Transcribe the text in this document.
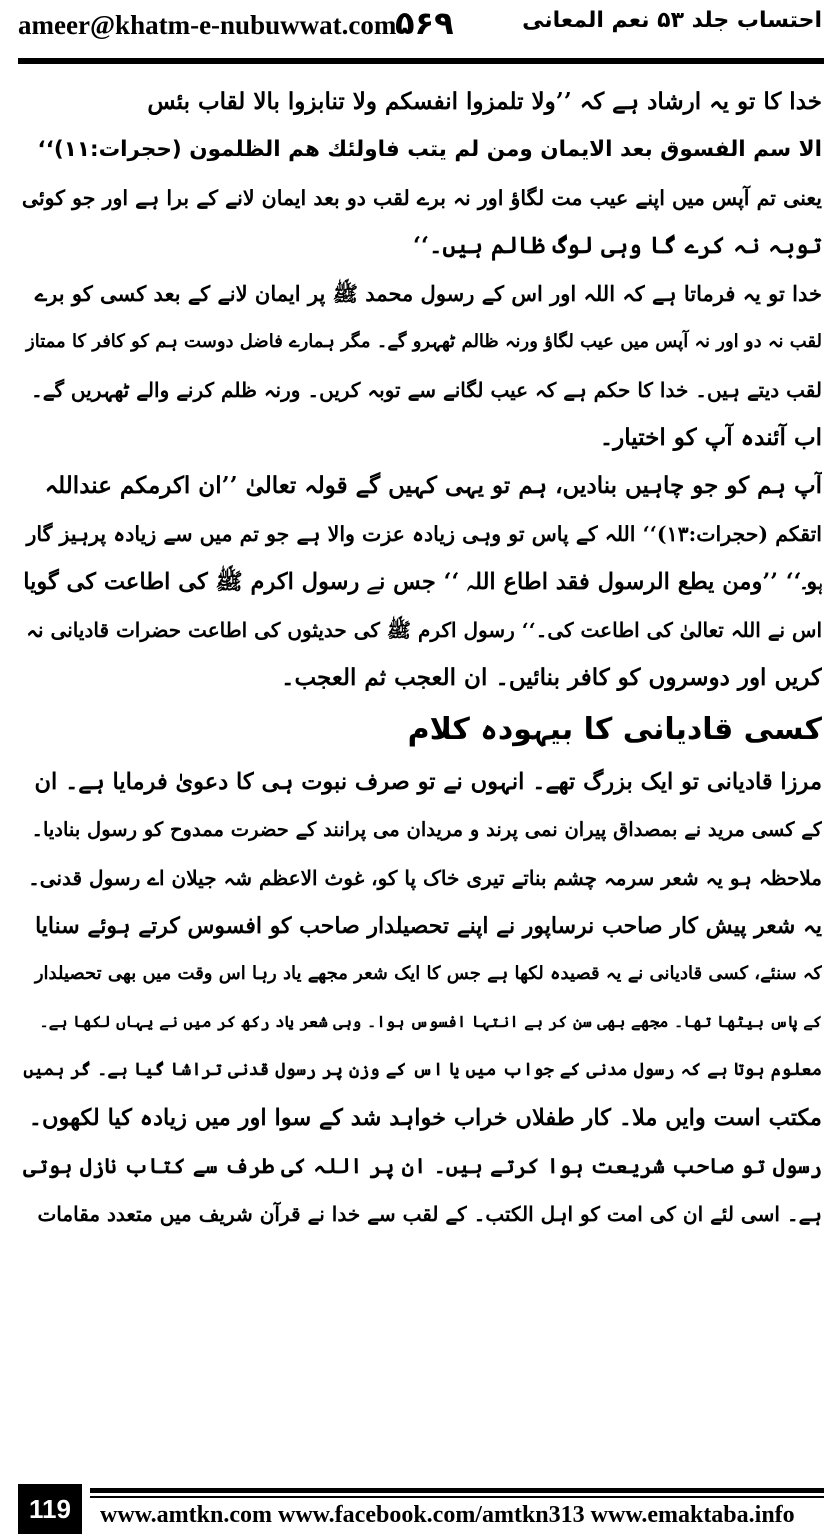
ameer@khatm-e-nubuwwat.com
۵۶۹	احتساب جلد ۵۳ نعم المعانی
خدا کا تو یہ ارشاد ہے کہ ’’ولا تلمزوا انفسکم ولا تنابزوا بالا لقاب بئس
الا سم الفسوق بعد الایمان ومن لم یتب فاولئك هم الظلمون (حجرات:۱۱)‘‘
یعنی تم آپس میں اپنے عیب مت لگاؤ اور نہ برے لقب دو بعد ایمان لانے کے برا ہے اور جو کوئی
توبہ نہ کرے گا وہی لوگ ظالم ہیں۔‘‘
خدا تو یہ فرماتا ہے کہ اللہ اور اس کے رسول محمد ﷺ پر ایمان لانے کے بعد کسی کو برے
لقب نہ دو اور نہ آپس میں عیب لگاؤ ورنہ ظالم ٹھہرو گے۔ مگر ہمارے فاضل دوست ہم کو کافر کا ممتاز
لقب دیتے ہیں۔ خدا کا حکم ہے کہ عیب لگانے سے توبہ کریں۔ ورنہ ظلم کرنے والے ٹھہریں گے۔
اب آئندہ آپ کو اختیار۔
آپ ہم کو جو چاہیں بنادیں، ہم تو یہی کہیں گے قولہ تعالیٰ ’’ان اکرمکم عنداللہ
اتقکم (حجرات:۱۳)‘‘ اللہ کے پاس تو وہی زیادہ عزت والا ہے جو تم میں سے زیادہ پرہیز گار
ہو۔‘‘ ’’ومن یطع الرسول فقد اطاع اللہ ‘‘ جس نے رسول اکرم ﷺ کی اطاعت کی گویا
اس نے اللہ تعالیٰ کی اطاعت کی۔‘‘ رسول اکرم ﷺ کی حدیثوں کی اطاعت حضرات قادیانی نہ
کریں اور دوسروں کو کافر بنائیں۔ ان العجب ثم العجب۔
کسی قادیانی کا بیہودہ کلام
مرزا قادیانی تو ایک بزرگ تھے۔ انہوں نے تو صرف نبوت ہی کا دعویٰ فرمایا ہے۔ ان
کے کسی مرید نے بمصداق پیران نمی پرند و مریدان می پرانند کے حضرت ممدوح کو رسول بنادیا۔
ملاحظہ ہو یہ شعر سرمہ چشم بناتے تیری خاک پا کو، غوث الاعظم شہ جیلان اے رسول قدنی۔
یہ شعر پیش کار صاحب نرساپور نے اپنے تحصیلدار صاحب کو افسوس کرتے ہوئے سنایا
کہ سنئے، کسی قادیانی نے یہ قصیدہ لکھا ہے جس کا ایک شعر مجھے یاد رہا اس وقت میں بھی تحصیلدار
کے پاس بیٹھا تھا۔ مجھے بھی سن کر بے انتہا افسوس ہوا۔ وہی شعر یاد رکھ کر میں نے یہاں لکھا ہے۔
معلوم ہوتا ہے کہ رسول مدنی کے جواب میں یا اس کے وزن پر رسول قدنی تراشا گیا ہے۔ گر ہمیں
مکتب است وایں ملا۔ کار طفلاں خراب خواہد شد کے سوا اور میں زیادہ کیا لکھوں۔
رسول تو صاحب شریعت ہوا کرتے ہیں۔ ان پر اللہ کی طرف سے کتاب نازل ہوتی
ہے۔ اسی لئے ان کی امت کو اہل الکتب۔ کے لقب سے خدا نے قرآن شریف میں متعدد مقامات
119	www.amtkn.com www.facebook.com/amtkn313 www.emaktaba.info
